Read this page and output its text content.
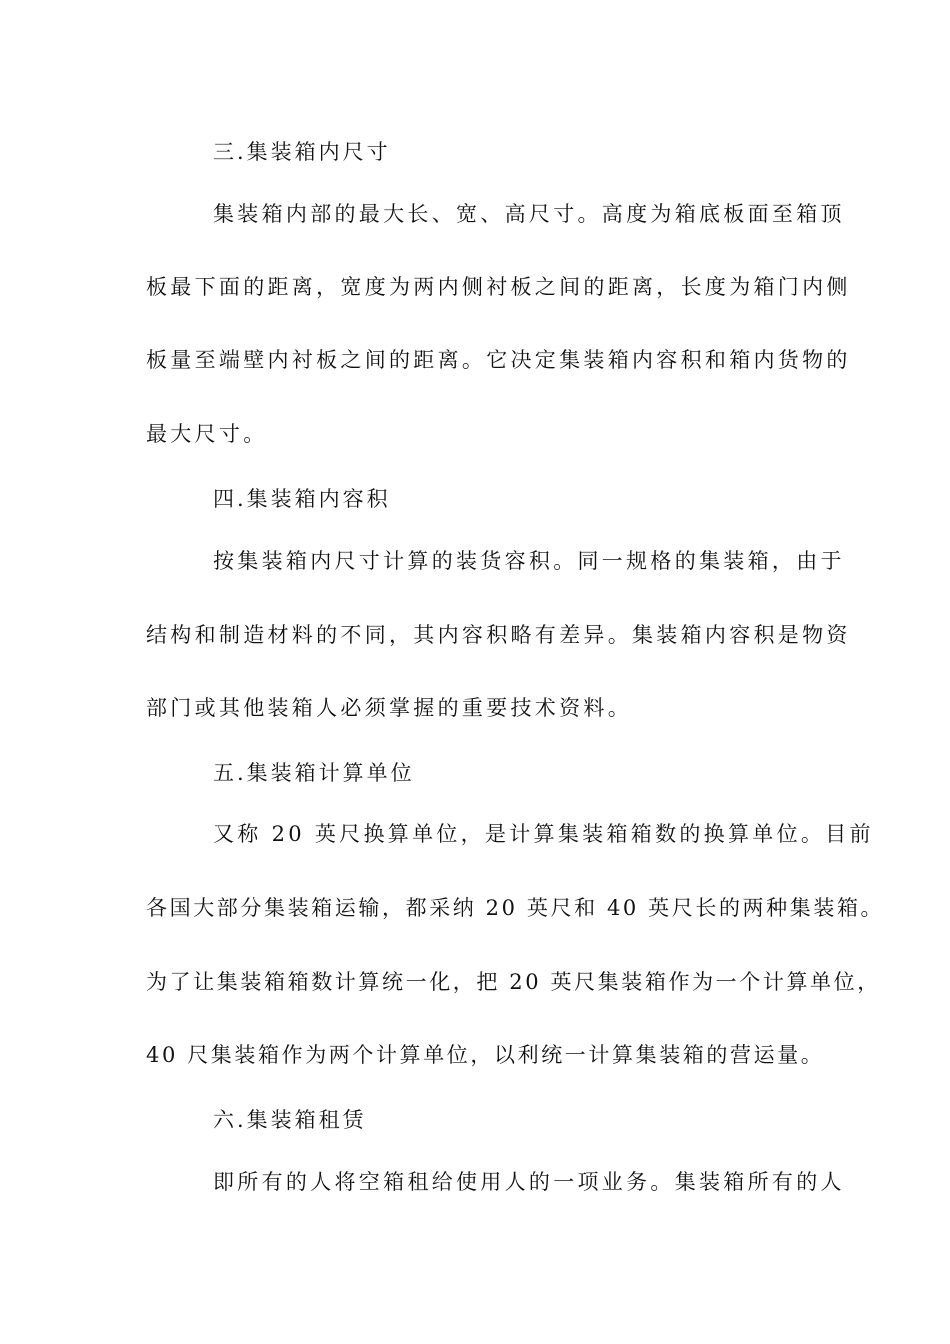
三.集装箱内尺寸
集装箱内部的最大长、宽、高尺寸。高度为箱底板面至箱顶
板最下面的距离，宽度为两内侧衬板之间的距离，长度为箱门内侧
板量至端壁内衬板之间的距离。它决定集装箱内容积和箱内货物的
最大尺寸。
四.集装箱内容积
按集装箱内尺寸计算的装货容积。同一规格的集装箱，由于
结构和制造材料的不同，其内容积略有差异。集装箱内容积是物资
部门或其他装箱人必须掌握的重要技术资料。
五.集装箱计算单位
又称 20 英尺换算单位，是计算集装箱箱数的换算单位。目前
各国大部分集装箱运输，都采纳 20 英尺和 40 英尺长的两种集装箱。
为了让集装箱箱数计算统一化，把 20 英尺集装箱作为一个计算单位，
40 尺集装箱作为两个计算单位，以利统一计算集装箱的营运量。
六.集装箱租赁
即所有的人将空箱租给使用人的一项业务。集装箱所有的人
